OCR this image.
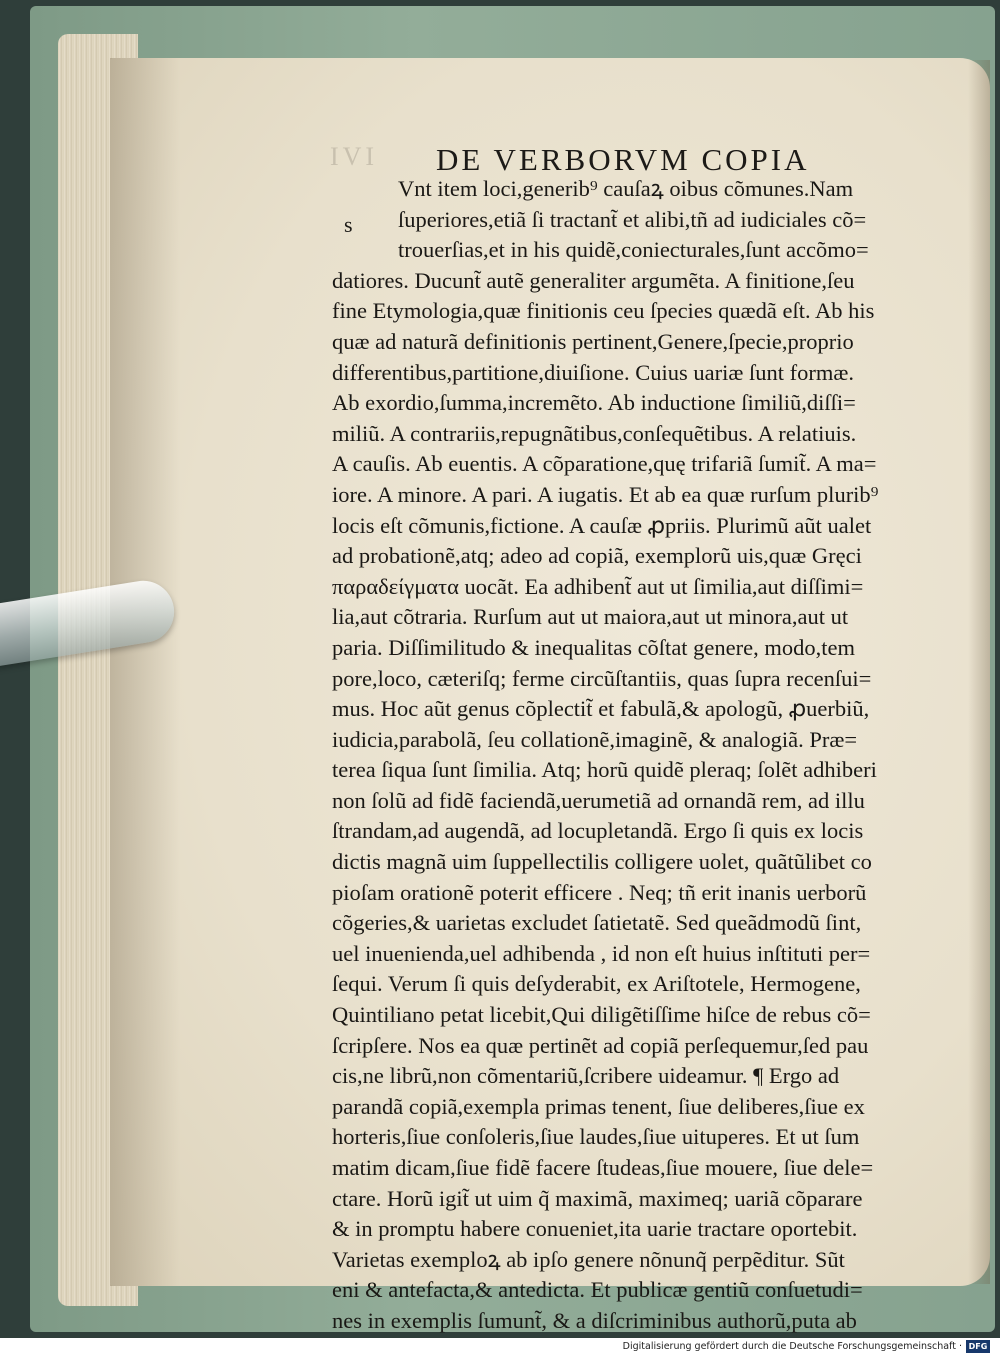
IVI DE VERBORVM COPIA
s
Vnt item loci,generib⁹ cauſaꝝ oibus cõmunes.Nam
ſuperiores,etiã ſi tractant̃ et alibi,tñ ad iudiciales cõ=
trouerſias,et in his quidẽ,coniecturales,ſunt accõmo=
datiores. Ducunt̃ autẽ generaliter argumẽta. A finitione,ſeu
fine Etymologia,quæ finitionis ceu ſpecies quædã eſt. Ab his
quæ ad naturã definitionis pertinent,Genere,ſpecie,proprio
differentibus,partitione,diuiſione. Cuius uariæ ſunt formæ.
Ab exordio,ſumma,incremẽto. Ab inductione ſimiliũ,diſſi=
miliũ. A contrariis,repugnãtibus,conſequẽtibus. A relatiuis.
A cauſis. Ab euentis. A cõparatione,quę trifariã ſumit̃. A ma=
iore. A minore. A pari. A iugatis. Et ab ea quæ rurſum plurib⁹
locis eſt cõmunis,fictione. A cauſæ ꝓpriis. Plurimũ aũt ualet
ad probationẽ,atq; adeo ad copiã, exemplorũ uis,quæ Gręci
παραδείγματα uocãt. Ea adhibent̃ aut ut ſimilia,aut diſſimi=
lia,aut cõtraria. Rurſum aut ut maiora,aut ut minora,aut ut
paria. Diſſimilitudo & inequalitas cõſtat genere, modo,tem
pore,loco, cæteriſq; ferme circũſtantiis, quas ſupra recenſui=
mus. Hoc aũt genus cõplectit̃ et fabulã,& apologũ, ꝓuerbiũ,
iudicia,parabolã, ſeu collationẽ,imaginẽ, & analogiã. Præ=
terea ſiqua ſunt ſimilia. Atq; horũ quidẽ pleraq; ſolẽt adhiberi
non ſolũ ad fidẽ faciendã,uerumetiã ad ornandã rem, ad illu
ſtrandam,ad augendã, ad locupletandã. Ergo ſi quis ex locis
dictis magnã uim ſuppellectilis colligere uolet, quãtũlibet co
pioſam orationẽ poterit efficere . Neq; tñ erit inanis uerborũ
cõgeries,& uarietas excludet ſatietatẽ. Sed queãdmodũ ſint,
uel inuenienda,uel adhibenda , id non eſt huius inſtituti per=
ſequi. Verum ſi quis deſyderabit, ex Ariſtotele, Hermogene,
Quintiliano petat licebit,Qui diligẽtiſſime hiſce de rebus cõ=
ſcripſere. Nos ea quæ pertinẽt ad copiã perſequemur,ſed pau
cis,ne librũ,non cõmentariũ,ſcribere uideamur. ¶ Ergo ad
parandã copiã,exempla primas tenent, ſiue deliberes,ſiue ex
horteris,ſiue conſoleris,ſiue laudes,ſiue uituperes. Et ut ſum
matim dicam,ſiue fidẽ facere ſtudeas,ſiue mouere, ſiue dele=
ctare. Horũ igit̃ ut uim q̃ maximã, maximeq; uariã cõparare
& in promptu habere conueniet,ita uarie tractare oportebit.
Varietas exemploꝝ ab ipſo genere nõnunq̃ perpẽditur. Sũt
eni & antefacta,& antedicta. Et publicæ gentiũ conſuetudi=
nes in exemplis ſumunt̃, & a diſcriminibus authorũ,puta ab
Digitalisierung gefördert durch die Deutsche Forschungsgemeinschaft · DFG
